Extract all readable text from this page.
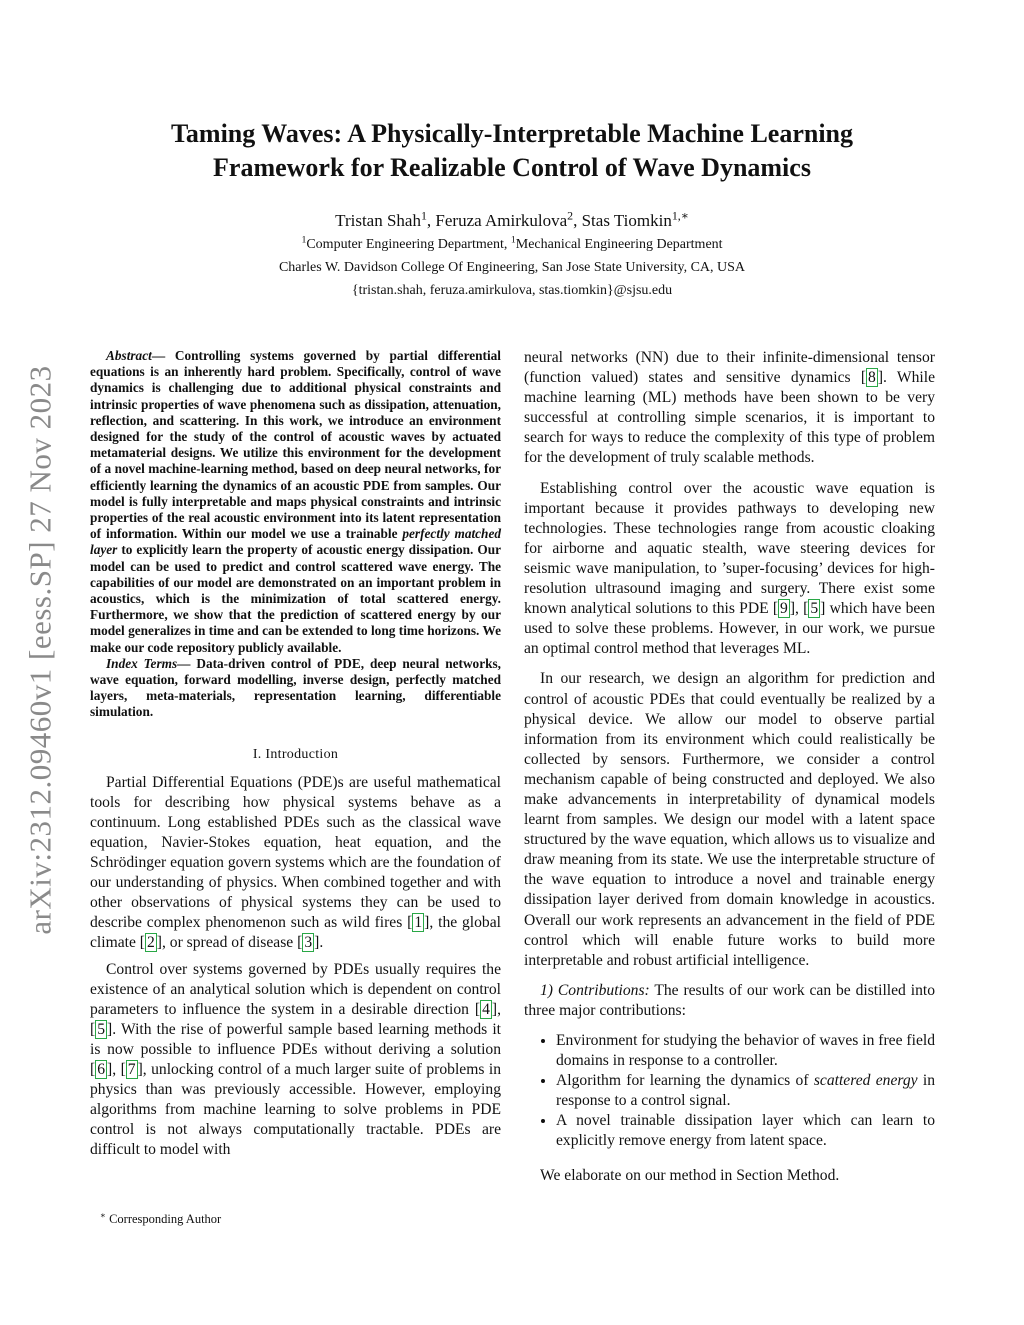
arXiv:2312.09460v1 [eess.SP] 27 Nov 2023
Taming Waves: A Physically-Interpretable Machine Learning
Framework for Realizable Control of Wave Dynamics
Tristan Shah$^1$, Feruza Amirkulova$^2$, Stas Tiomkin$^{1,∗}$
$^1$Computer Engineering Department, $^1$Mechanical Engineering Department
Charles W. Davidson College Of Engineering, San Jose State University, CA, USA
{tristan.shah, feruza.amirkulova, stas.tiomkin}@sjsu.edu

Abstract— Controlling systems governed by partial differential equations is an inherently hard problem. Specifically, control of wave dynamics is challenging due to additional physical constraints and intrinsic properties of wave phenomena such as dissipation, attenuation, reflection, and scattering. In this work, we introduce an environment designed for the study of the control of acoustic waves by actuated metamaterial designs. We utilize this environment for the development of a novel machine-learning method, based on deep neural networks, for efficiently learning the dynamics of an acoustic PDE from samples. Our model is fully interpretable and maps physical constraints and intrinsic properties of the real acoustic environment into its latent representation of information. Within our model we use a trainable perfectly matched layer to explicitly learn the property of acoustic energy dissipation. Our model can be used to predict and control scattered wave energy. The capabilities of our model are demonstrated on an important problem in acoustics, which is the minimization of total scattered energy. Furthermore, we show that the prediction of scattered energy by our model generalizes in time and can be extended to long time horizons. We make our code repository publicly available.

Index Terms— Data-driven control of PDE, deep neural networks, wave equation, forward modelling, inverse design, perfectly matched layers, meta-materials, representation learning, differentiable simulation.

I. Introduction

Partial Differential Equations (PDE)s are useful mathematical tools for describing how physical systems behave as a continuum. Long established PDEs such as the classical wave equation, Navier-Stokes equation, heat equation, and the Schrödinger equation govern systems which are the foundation of our understanding of physics. When combined together and with other observations of physical systems they can be used to describe complex phenomenon such as wild fires [ 1 ], the global climate [ 2 ], or spread of disease [ 3 ].

Control over systems governed by PDEs usually requires the existence of an analytical solution which is dependent on control parameters to influence the system in a desirable direction [ 4 ], [ 5 ]. With the rise of powerful sample based learning methods it is now possible to influence PDEs without deriving a solution [ 6 ], [ 7 ], unlocking control of a much larger suite of problems in physics than was previously accessible. However, employing algorithms from machine learning to solve problems in PDE control is not always computationally tractable. PDEs are difficult to model with

neural networks (NN) due to their infinite-dimensional tensor (function valued) states and sensitive dynamics [ 8 ]. While machine learning (ML) methods have been shown to be very successful at controlling simple scenarios, it is important to search for ways to reduce the complexity of this type of problem for the development of truly scalable methods.

Establishing control over the acoustic wave equation is important because it provides pathways to developing new technologies. These technologies range from acoustic cloaking for airborne and aquatic stealth, wave steering devices for seismic wave manipulation, to ’super-focusing’ devices for high-resolution ultrasound imaging and surgery. There exist some known analytical solutions to this PDE [ 9 ], [ 5 ] which have been used to solve these problems. However, in our work, we pursue an optimal control method that leverages ML.

In our research, we design an algorithm for prediction and control of acoustic PDEs that could eventually be realized by a physical device. We allow our model to observe partial information from its environment which could realistically be collected by sensors. Furthermore, we consider a control mechanism capable of being constructed and deployed. We also make advancements in interpretability of dynamical models learnt from samples. We design our model with a latent space structured by the wave equation, which allows us to visualize and draw meaning from its state. We use the interpretable structure of the wave equation to introduce a novel and trainable energy dissipation layer derived from domain knowledge in acoustics. Overall our work represents an advancement in the field of PDE control which will enable future works to build more interpretable and robust artificial intelligence.

1) Contributions: The results of our work can be distilled into three major contributions:

• Environment for studying the behavior of waves in free field domains in response to a controller.
• Algorithm for learning the dynamics of scattered energy in response to a control signal.
• A novel trainable dissipation layer which can learn to explicitly remove energy from latent space.

We elaborate on our method in Section Method.

∗ Corresponding Author
